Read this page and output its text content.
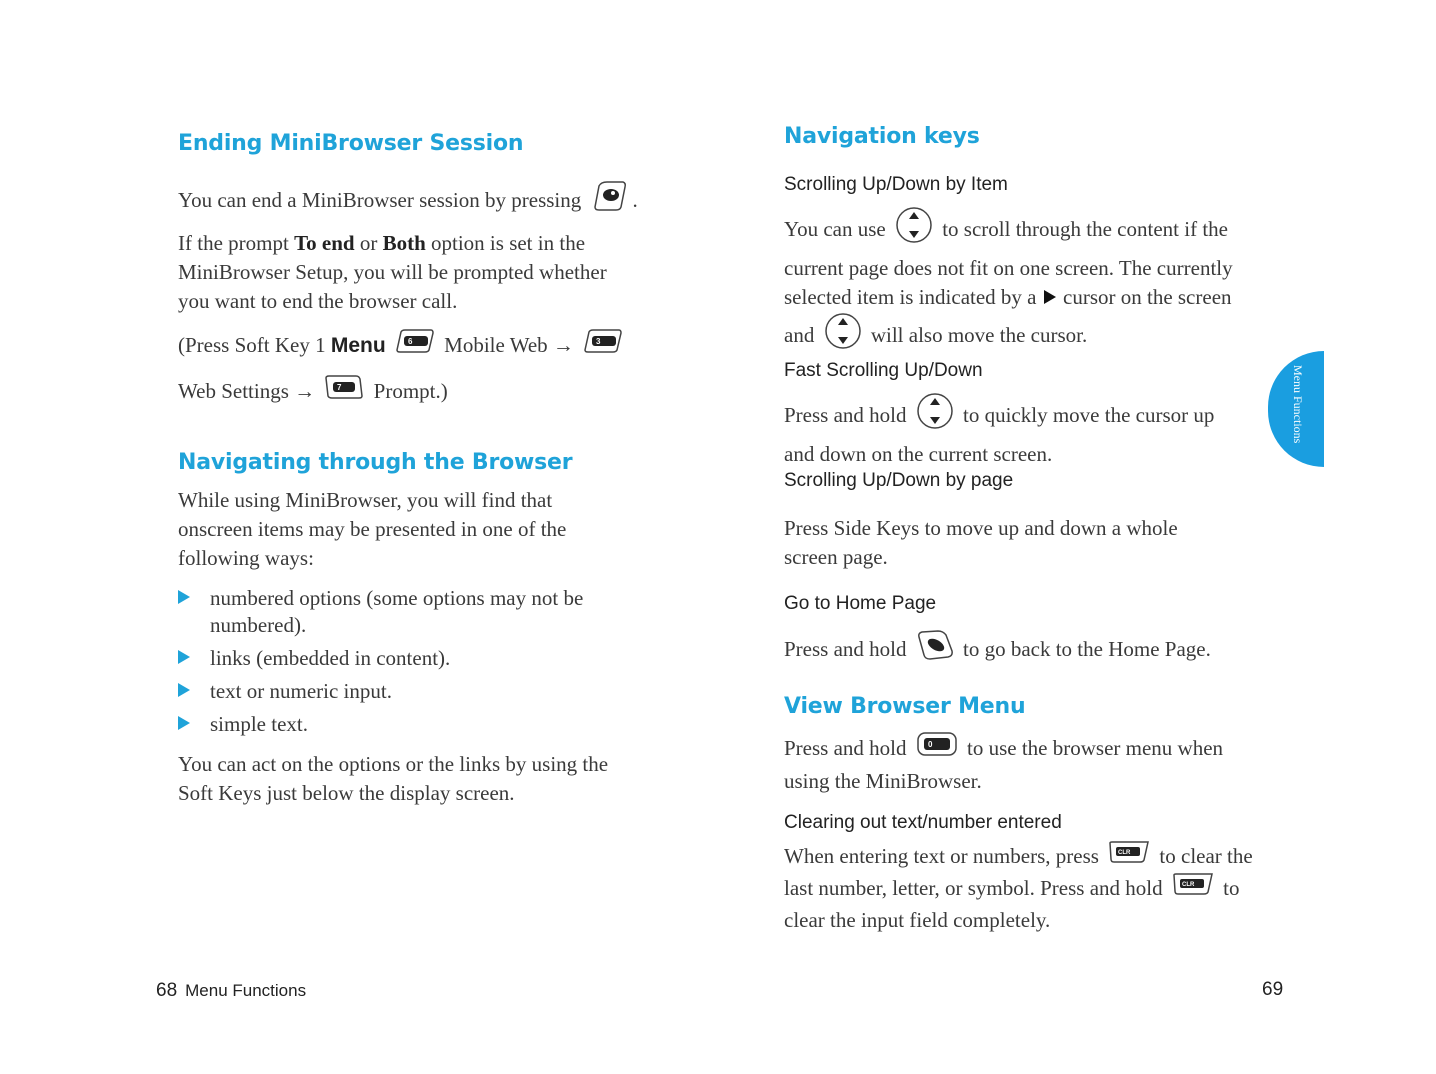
Ending MiniBrowser Session
You can end a MiniBrowser session by pressing .
If the prompt To end or Both option is set in the MiniBrowser Setup, you will be prompted whether you want to end the browser call.
(Press Soft Key 1 Menu	6 Mobile Web →	3
Web Settings →	7 Prompt.)
Navigating through the Browser
While using MiniBrowser, you will find that onscreen items may be presented in one of the following ways:
numbered options (some options may not be numbered).
links (embedded in content).
text or numeric input.
simple text.
You can act on the options or the links by using the Soft Keys just below the display screen.
68 Menu Functions
Navigation keys
Scrolling Up/Down by Item
You can use	to scroll through the content if the current page does not fit on one screen. The currently selected item is indicated by a cursor on the screen and	will also move the cursor.
Fast Scrolling Up/Down
Press and hold	to quickly move the cursor up and down on the current screen.
Scrolling Up/Down by page
Press Side Keys to move up and down a whole screen page.
Go to Home Page
Press and hold	to go back to the Home Page.
View Browser Menu
Press and hold	0 to use the browser menu when using the MiniBrowser.
Clearing out text/number entered
When entering text or numbers, press	CLR to clear the last number, letter, or symbol. Press and hold	CLR to clear the input field completely.
69
Menu Functions
